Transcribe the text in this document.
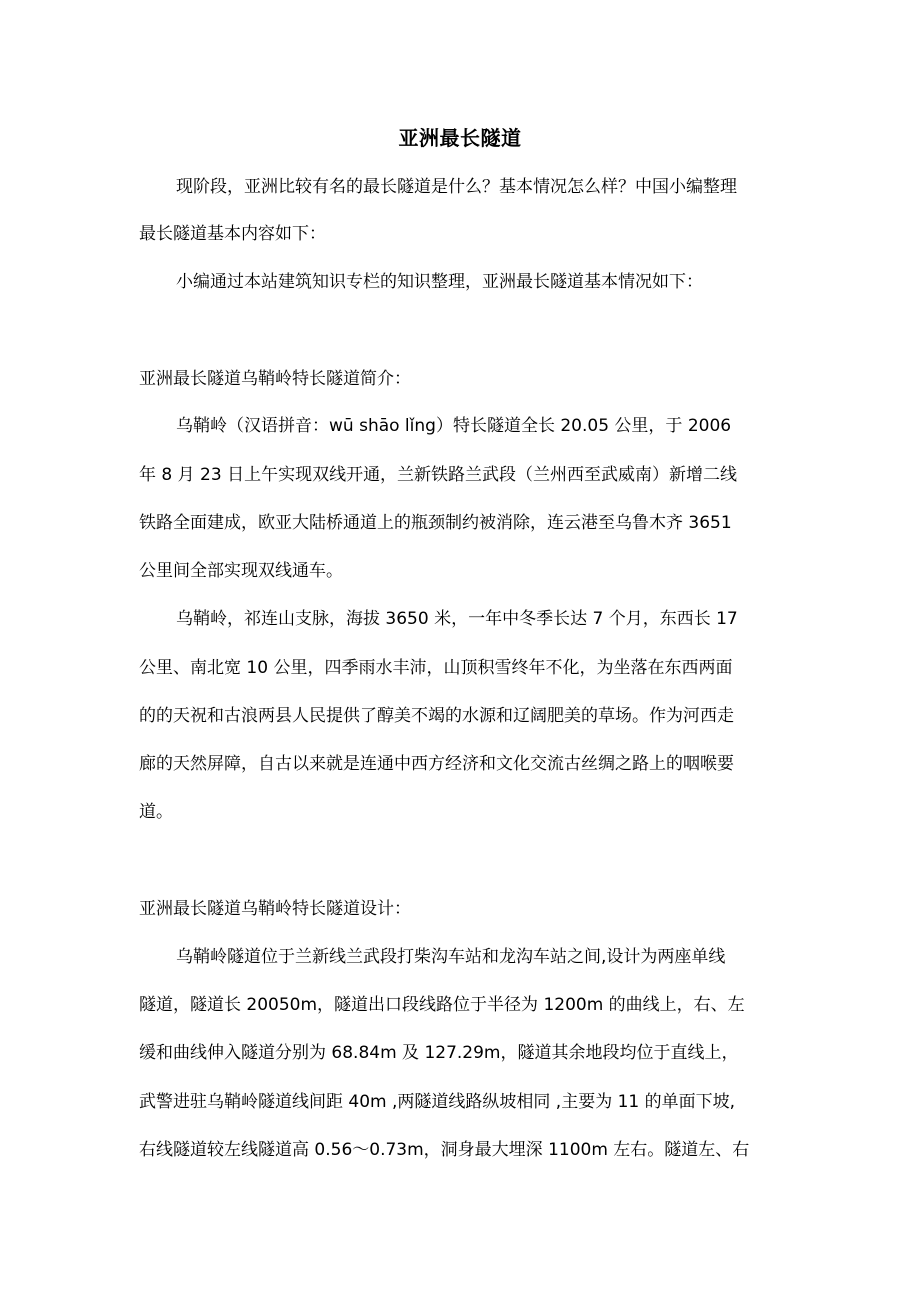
亚洲最长隧道
现阶段，亚洲比较有名的最长隧道是什么？基本情况怎么样？中国小编整理
最长隧道基本内容如下：
小编通过本站建筑知识专栏的知识整理，亚洲最长隧道基本情况如下：
亚洲最长隧道乌鞘岭特长隧道简介：
乌鞘岭（汉语拼音：wū shāo lǐng）特长隧道全长 20.05 公里，于 2006
年 8 月 23 日上午实现双线开通，兰新铁路兰武段（兰州西至武威南）新增二线
铁路全面建成，欧亚大陆桥通道上的瓶颈制约被消除，连云港至乌鲁木齐 3651
公里间全部实现双线通车。
乌鞘岭，祁连山支脉，海拔 3650 米，一年中冬季长达 7 个月，东西长 17
公里、南北宽 10 公里，四季雨水丰沛，山顶积雪终年不化，为坐落在东西两面
的的天祝和古浪两县人民提供了醇美不竭的水源和辽阔肥美的草场。作为河西走
廊的天然屏障，自古以来就是连通中西方经济和文化交流古丝绸之路上的咽喉要
道。
亚洲最长隧道乌鞘岭特长隧道设计：
乌鞘岭隧道位于兰新线兰武段打柴沟车站和龙沟车站之间,设计为两座单线
隧道，隧道长 20050m，隧道出口段线路位于半径为 1200m 的曲线上，右、左
缓和曲线伸入隧道分别为 68.84m 及 127.29m，隧道其余地段均位于直线上，
武警进驻乌鞘岭隧道线间距 40m ,两隧道线路纵坡相同 ,主要为 11 的单面下坡,
右线隧道较左线隧道高 0.56～0.73m，洞身最大埋深 1100m 左右。隧道左、右
